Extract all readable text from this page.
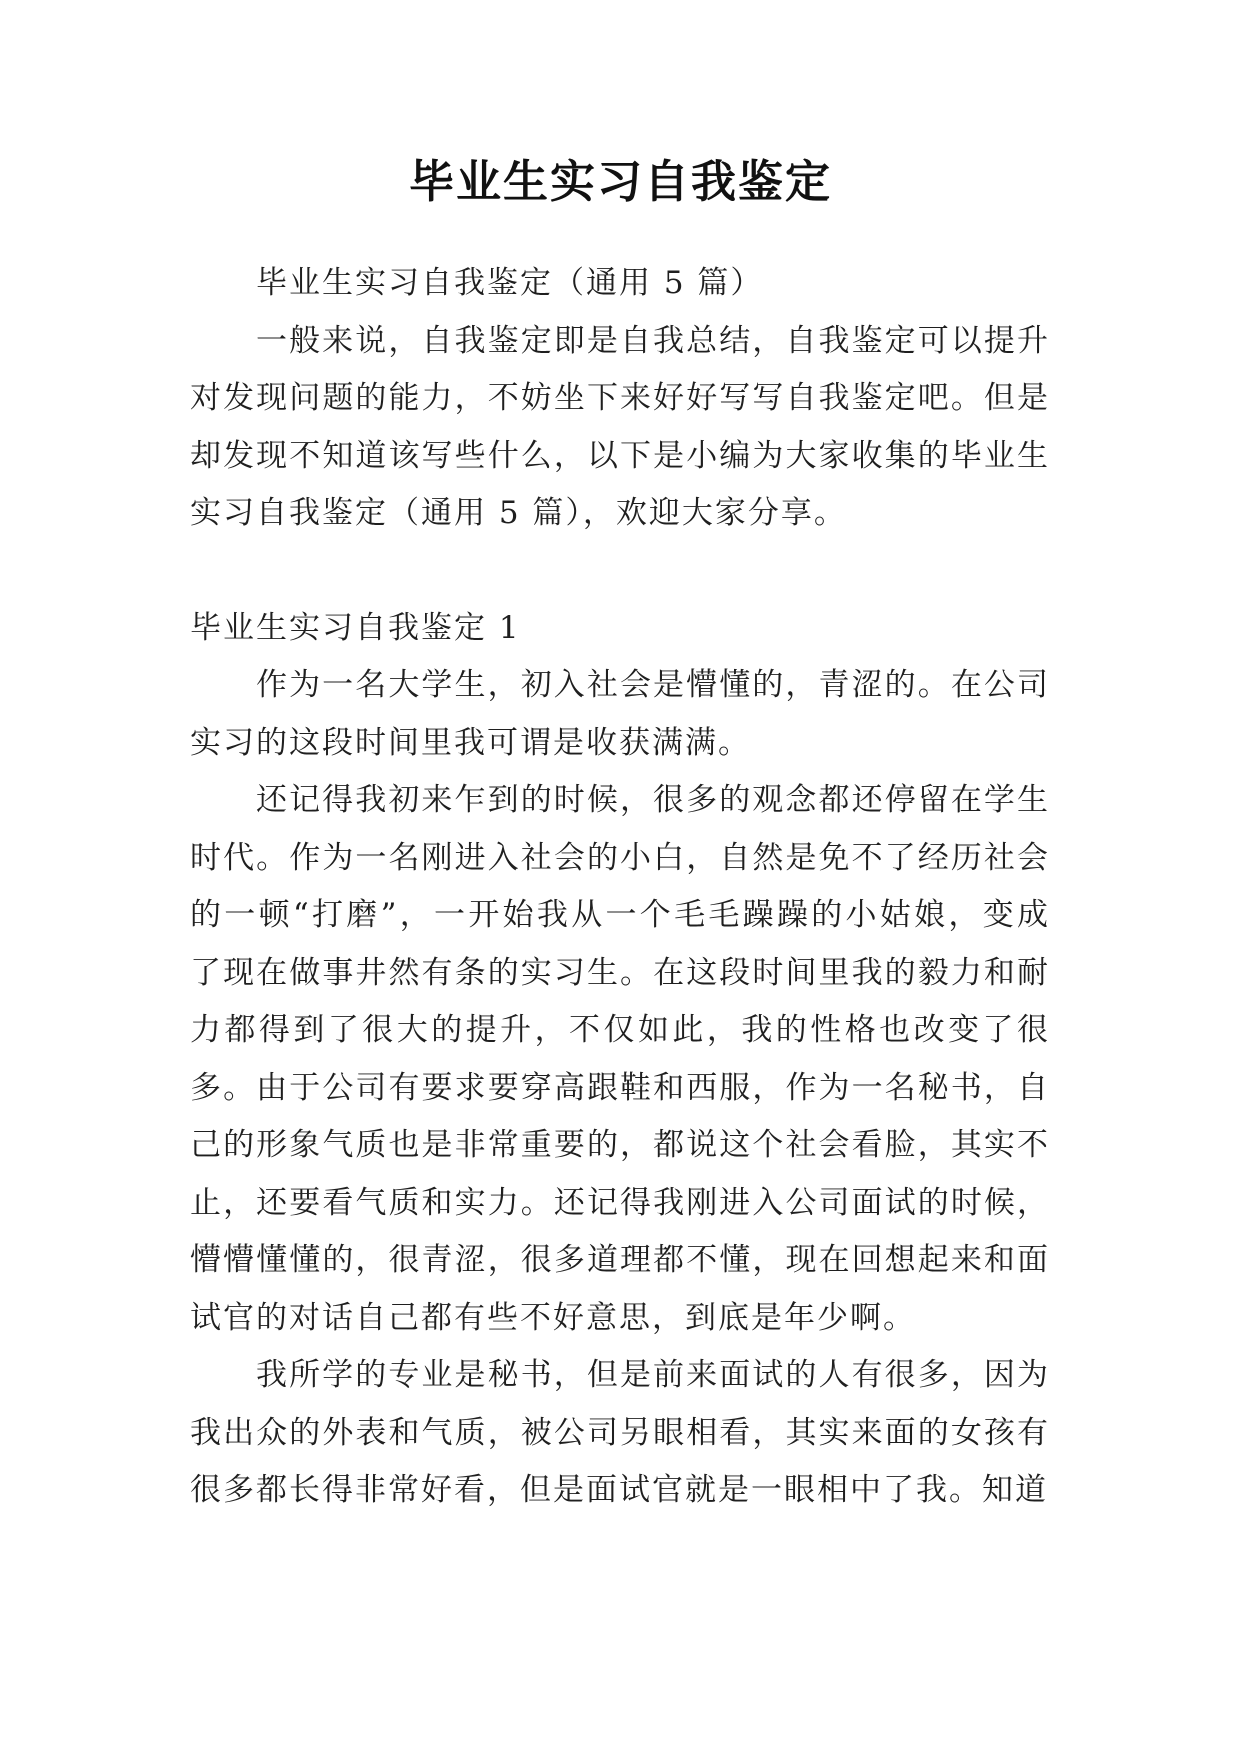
毕业生实习自我鉴定

毕业生实习自我鉴定（通用 5 篇）

一般来说，自我鉴定即是自我总结，自我鉴定可以提升对发现问题的能力，不妨坐下来好好写写自我鉴定吧。但是却发现不知道该写些什么，以下是小编为大家收集的毕业生实习自我鉴定（通用 5 篇），欢迎大家分享。

毕业生实习自我鉴定 1

作为一名大学生，初入社会是懵懂的，青涩的。在公司实习的这段时间里我可谓是收获满满。

还记得我初来乍到的时候，很多的观念都还停留在学生时代。作为一名刚进入社会的小白，自然是免不了经历社会的一顿“打磨”，一开始我从一个毛毛躁躁的小姑娘，变成了现在做事井然有条的实习生。在这段时间里我的毅力和耐力都得到了很大的提升，不仅如此，我的性格也改变了很多。由于公司有要求要穿高跟鞋和西服，作为一名秘书，自己的形象气质也是非常重要的，都说这个社会看脸，其实不止，还要看气质和实力。还记得我刚进入公司面试的时候，懵懵懂懂的，很青涩，很多道理都不懂，现在回想起来和面试官的对话自己都有些不好意思，到底是年少啊。

我所学的专业是秘书，但是前来面试的人有很多，因为我出众的外表和气质，被公司另眼相看，其实来面的女孩有很多都长得非常好看，但是面试官就是一眼相中了我。知道
